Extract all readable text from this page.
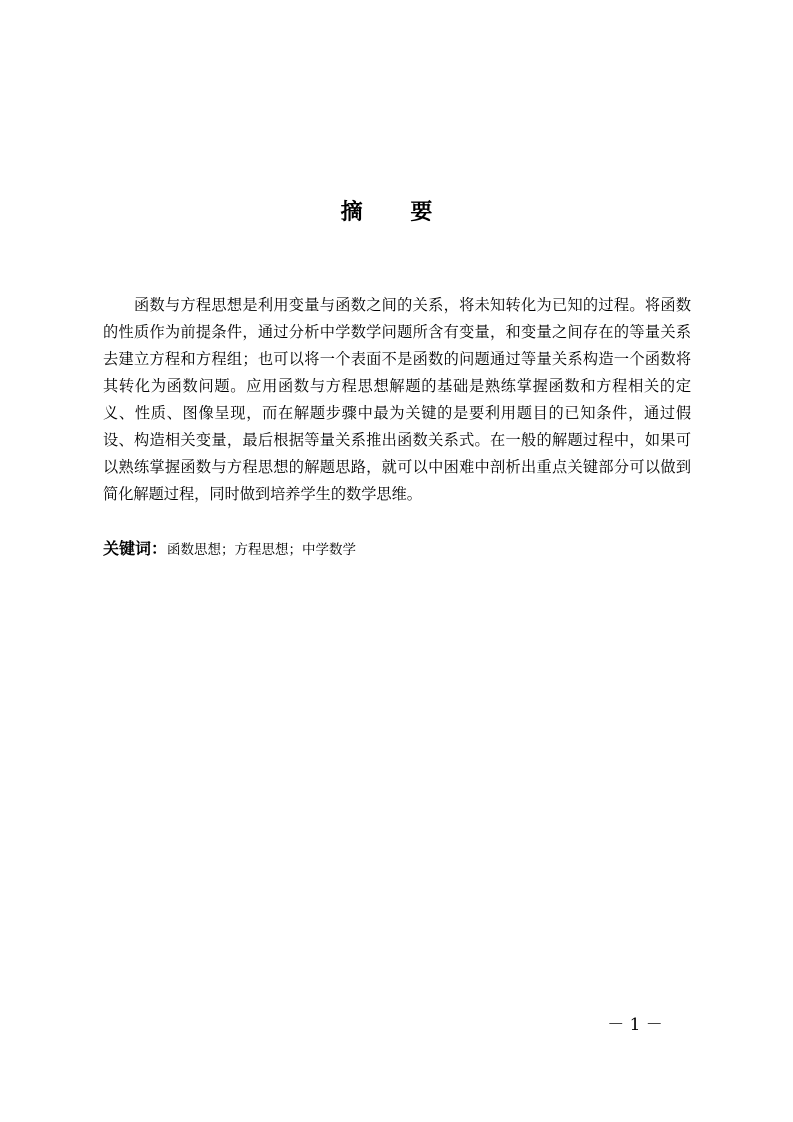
摘 要

函数与方程思想是利用变量与函数之间的关系，将未知转化为已知的过程。将函数的性质作为前提条件，通过分析中学数学问题所含有变量，和变量之间存在的等量关系去建立方程和方程组；也可以将一个表面不是函数的问题通过等量关系构造一个函数将其转化为函数问题。应用函数与方程思想解题的基础是熟练掌握函数和方程相关的定义、性质、图像呈现，而在解题步骤中最为关键的是要利用题目的已知条件，通过假设、构造相关变量，最后根据等量关系推出函数关系式。在一般的解题过程中，如果可以熟练掌握函数与方程思想的解题思路，就可以中困难中剖析出重点关键部分可以做到简化解题过程，同时做到培养学生的数学思维。

关键词：函数思想；方程思想；中学数学
－ 1 －
